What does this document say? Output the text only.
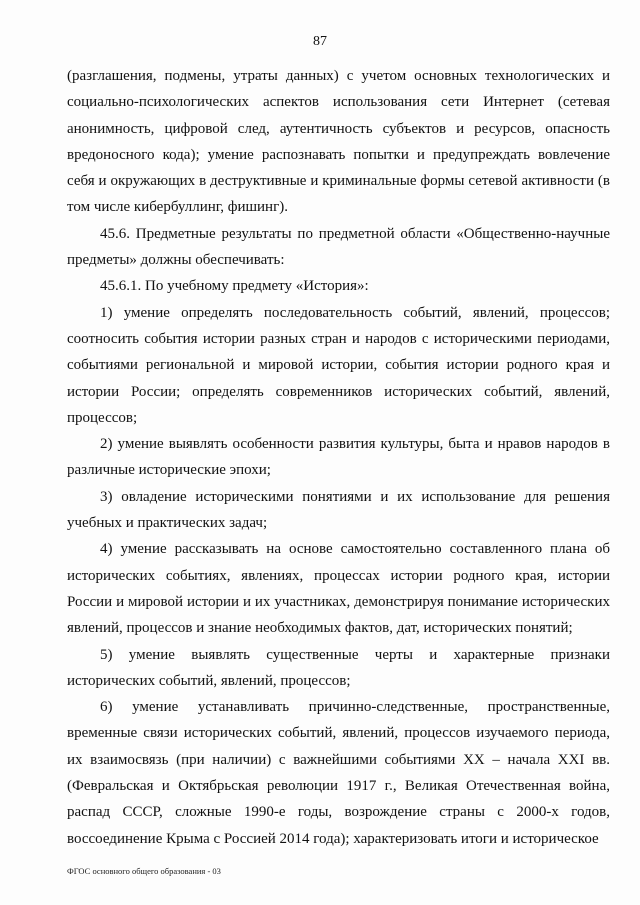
87

(разглашения, подмены, утраты данных) с учетом основных технологических и социально-психологических аспектов использования сети Интернет (сетевая анонимность, цифровой след, аутентичность субъектов и ресурсов, опасность вредоносного кода); умение распознавать попытки и предупреждать вовлечение себя и окружающих в деструктивные и криминальные формы сетевой активности (в том числе кибербуллинг, фишинг).

45.6. Предметные результаты по предметной области «Общественно-научные предметы» должны обеспечивать:

45.6.1. По учебному предмету «История»:

1) умение определять последовательность событий, явлений, процессов; соотносить события истории разных стран и народов с историческими периодами, событиями региональной и мировой истории, события истории родного края и истории России; определять современников исторических событий, явлений, процессов;

2) умение выявлять особенности развития культуры, быта и нравов народов в различные исторические эпохи;

3) овладение историческими понятиями и их использование для решения учебных и практических задач;

4) умение рассказывать на основе самостоятельно составленного плана об исторических событиях, явлениях, процессах истории родного края, истории России и мировой истории и их участниках, демонстрируя понимание исторических явлений, процессов и знание необходимых фактов, дат, исторических понятий;

5) умение выявлять существенные черты и характерные признаки исторических событий, явлений, процессов;

6) умение устанавливать причинно-следственные, пространственные, временные связи исторических событий, явлений, процессов изучаемого периода, их взаимосвязь (при наличии) с важнейшими событиями XX – начала XXI вв. (Февральская и Октябрьская революции 1917 г., Великая Отечественная война, распад СССР, сложные 1990-е годы, возрождение страны с 2000-х годов, воссоединение Крыма с Россией 2014 года); характеризовать итоги и историческое

ФГОС основного общего образования - 03
